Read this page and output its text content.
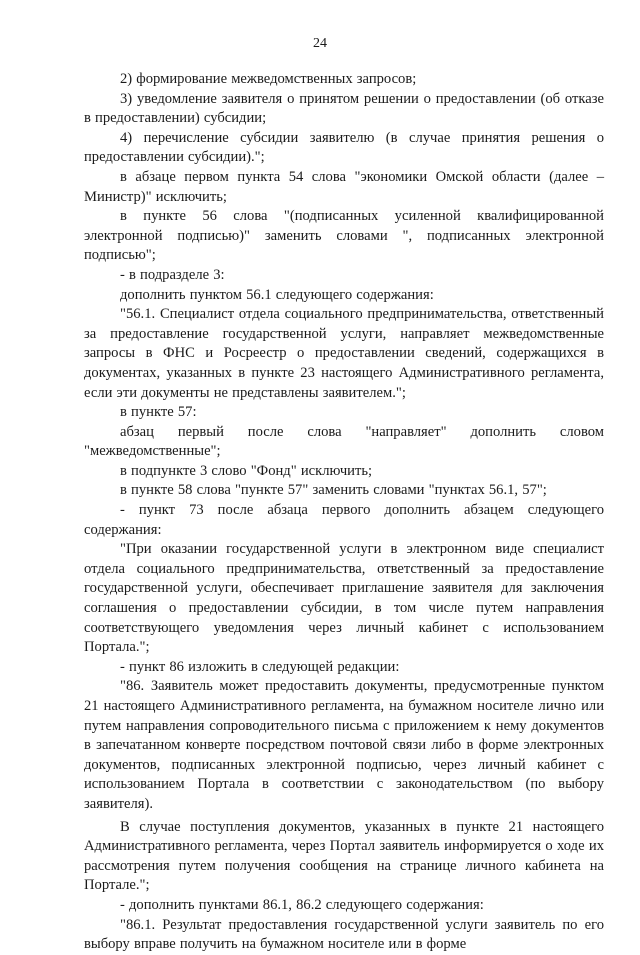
24

2) формирование межведомственных запросов;

3) уведомление заявителя о принятом решении о предоставлении (об отказе в предоставлении) субсидии;

4) перечисление субсидии заявителю (в случае принятия решения о предоставлении субсидии).";

в абзаце первом пункта 54 слова "экономики Омской области (далее – Министр)" исключить;

в пункте 56 слова "(подписанных усиленной квалифицированной электронной подписью)" заменить словами ", подписанных электронной подписью";

- в подразделе 3:

дополнить пунктом 56.1 следующего содержания:

"56.1. Специалист отдела социального предпринимательства, ответственный за предоставление государственной услуги, направляет межведомственные запросы в ФНС и Росреестр о предоставлении сведений, содержащихся в документах, указанных в пункте 23 настоящего Административного регламента, если эти документы не представлены заявителем.";

в пункте 57:

абзац первый после слова "направляет" дополнить словом "межведомственные";

в подпункте 3 слово "Фонд" исключить;

в пункте 58 слова "пункте 57" заменить словами "пунктах 56.1, 57";

- пункт 73 после абзаца первого дополнить абзацем следующего содержания:

"При оказании государственной услуги в электронном виде специалист отдела социального предпринимательства, ответственный за предоставление государственной услуги, обеспечивает приглашение заявителя для заключения соглашения о предоставлении субсидии, в том числе путем направления соответствующего уведомления через личный кабинет с использованием Портала.";

- пункт 86 изложить в следующей редакции:

"86. Заявитель может предоставить документы, предусмотренные пунктом 21 настоящего Административного регламента, на бумажном носителе лично или путем направления сопроводительного письма с приложением к нему документов в запечатанном конверте посредством почтовой связи либо в форме электронных документов, подписанных электронной подписью, через личный кабинет с использованием Портала в соответствии с законодательством (по выбору заявителя).

В случае поступления документов, указанных в пункте 21 настоящего Административного регламента, через Портал заявитель информируется о ходе их рассмотрения путем получения сообщения на странице личного кабинета на Портале.";

- дополнить пунктами 86.1, 86.2 следующего содержания:

"86.1. Результат предоставления государственной услуги заявитель по его выбору вправе получить на бумажном носителе или в форме
